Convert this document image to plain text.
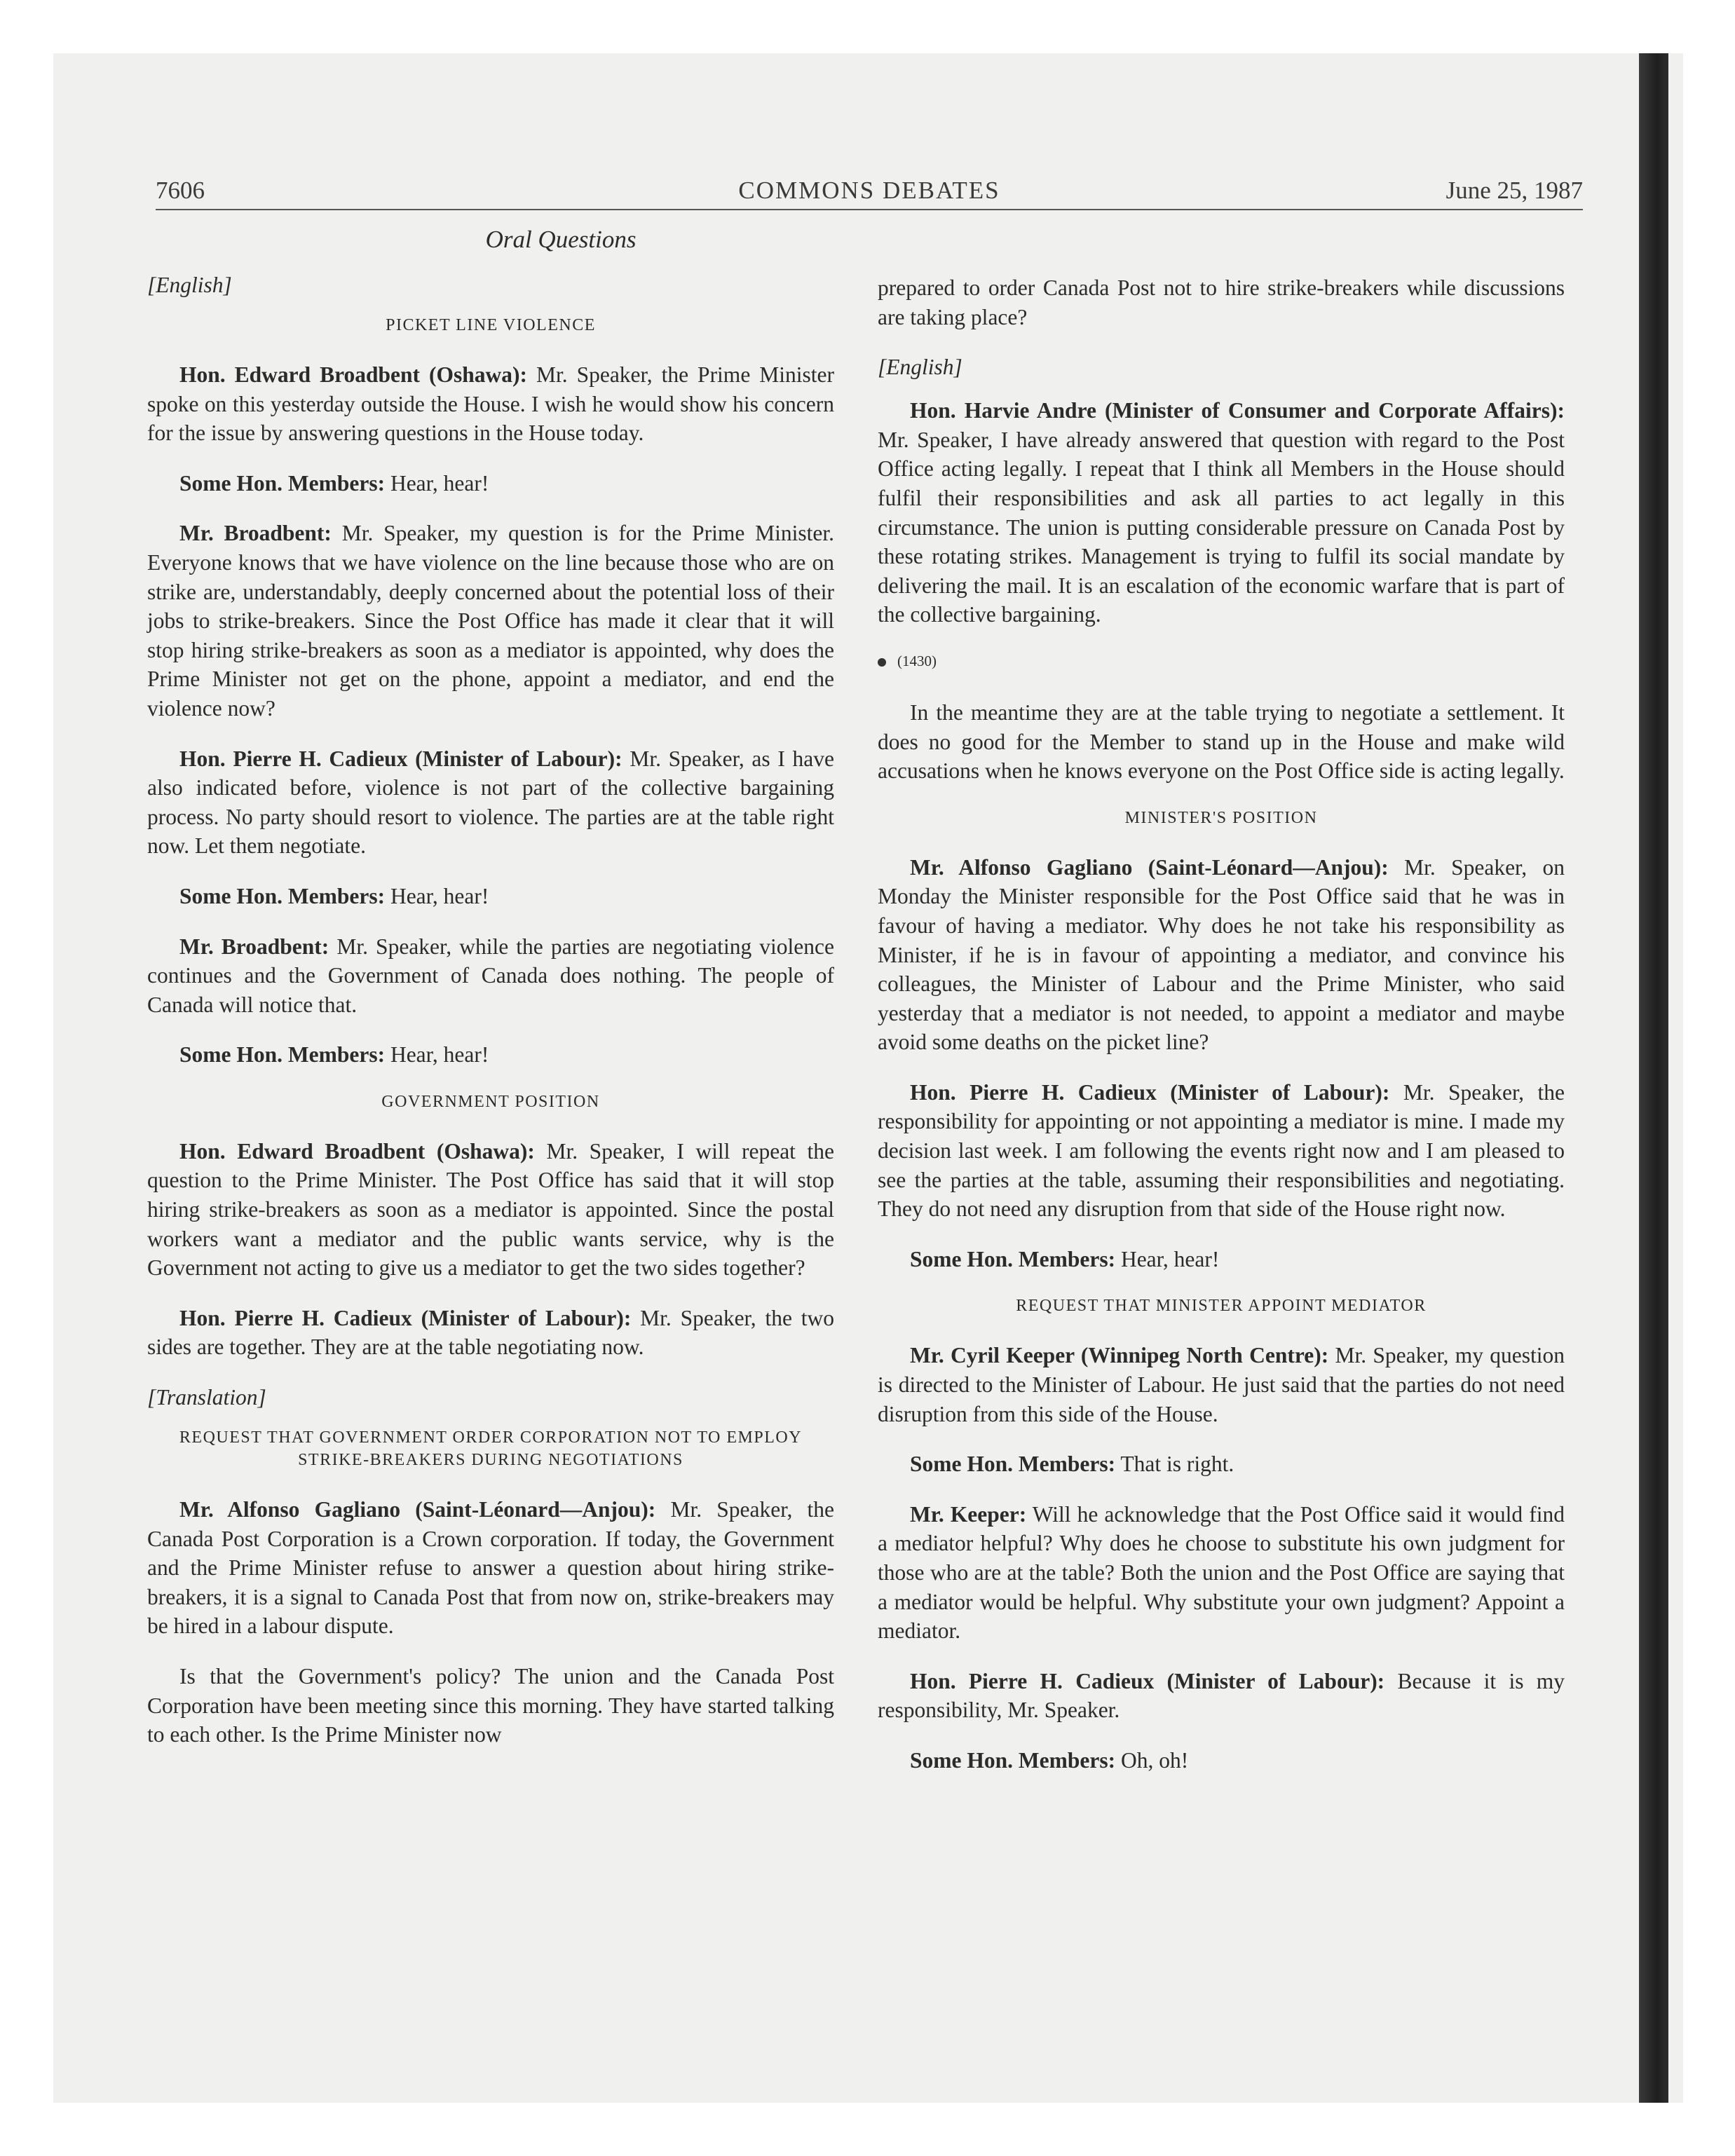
7606	COMMONS DEBATES	June 25, 1987
Oral Questions
[English]
PICKET LINE VIOLENCE

Hon. Edward Broadbent (Oshawa): Mr. Speaker, the Prime Minister spoke on this yesterday outside the House. I wish he would show his concern for the issue by answering questions in the House today.

Some Hon. Members: Hear, hear!

Mr. Broadbent: Mr. Speaker, my question is for the Prime Minister. Everyone knows that we have violence on the line because those who are on strike are, understandably, deeply concerned about the potential loss of their jobs to strike-breakers. Since the Post Office has made it clear that it will stop hiring strike-breakers as soon as a mediator is appointed, why does the Prime Minister not get on the phone, appoint a mediator, and end the violence now?

Hon. Pierre H. Cadieux (Minister of Labour): Mr. Speaker, as I have also indicated before, violence is not part of the collective bargaining process. No party should resort to violence. The parties are at the table right now. Let them negotiate.

Some Hon. Members: Hear, hear!

Mr. Broadbent: Mr. Speaker, while the parties are negotiating violence continues and the Government of Canada does nothing. The people of Canada will notice that.

Some Hon. Members: Hear, hear!

GOVERNMENT POSITION

Hon. Edward Broadbent (Oshawa): Mr. Speaker, I will repeat the question to the Prime Minister. The Post Office has said that it will stop hiring strike-breakers as soon as a mediator is appointed. Since the postal workers want a mediator and the public wants service, why is the Government not acting to give us a mediator to get the two sides together?

Hon. Pierre H. Cadieux (Minister of Labour): Mr. Speaker, the two sides are together. They are at the table negotiating now.

[Translation]
REQUEST THAT GOVERNMENT ORDER CORPORATION NOT TO EMPLOY STRIKE-BREAKERS DURING NEGOTIATIONS

Mr. Alfonso Gagliano (Saint-Léonard—Anjou): Mr. Speaker, the Canada Post Corporation is a Crown corporation. If today, the Government and the Prime Minister refuse to answer a question about hiring strike-breakers, it is a signal to Canada Post that from now on, strike-breakers may be hired in a labour dispute.

Is that the Government's policy? The union and the Canada Post Corporation have been meeting since this morning. They have started talking to each other. Is the Prime Minister now

prepared to order Canada Post not to hire strike-breakers while discussions are taking place?

[English]

Hon. Harvie Andre (Minister of Consumer and Corporate Affairs): Mr. Speaker, I have already answered that question with regard to the Post Office acting legally. I repeat that I think all Members in the House should fulfil their responsibilities and ask all parties to act legally in this circumstance. The union is putting considerable pressure on Canada Post by these rotating strikes. Management is trying to fulfil its social mandate by delivering the mail. It is an escalation of the economic warfare that is part of the collective bargaining.

(1430)

In the meantime they are at the table trying to negotiate a settlement. It does no good for the Member to stand up in the House and make wild accusations when he knows everyone on the Post Office side is acting legally.

MINISTER'S POSITION

Mr. Alfonso Gagliano (Saint-Léonard—Anjou): Mr. Speaker, on Monday the Minister responsible for the Post Office said that he was in favour of having a mediator. Why does he not take his responsibility as Minister, if he is in favour of appointing a mediator, and convince his colleagues, the Minister of Labour and the Prime Minister, who said yesterday that a mediator is not needed, to appoint a mediator and maybe avoid some deaths on the picket line?

Hon. Pierre H. Cadieux (Minister of Labour): Mr. Speaker, the responsibility for appointing or not appointing a mediator is mine. I made my decision last week. I am following the events right now and I am pleased to see the parties at the table, assuming their responsibilities and negotiating. They do not need any disruption from that side of the House right now.

Some Hon. Members: Hear, hear!

REQUEST THAT MINISTER APPOINT MEDIATOR

Mr. Cyril Keeper (Winnipeg North Centre): Mr. Speaker, my question is directed to the Minister of Labour. He just said that the parties do not need disruption from this side of the House.

Some Hon. Members: That is right.

Mr. Keeper: Will he acknowledge that the Post Office said it would find a mediator helpful? Why does he choose to substitute his own judgment for those who are at the table? Both the union and the Post Office are saying that a mediator would be helpful. Why substitute your own judgment? Appoint a mediator.

Hon. Pierre H. Cadieux (Minister of Labour): Because it is my responsibility, Mr. Speaker.

Some Hon. Members: Oh, oh!
